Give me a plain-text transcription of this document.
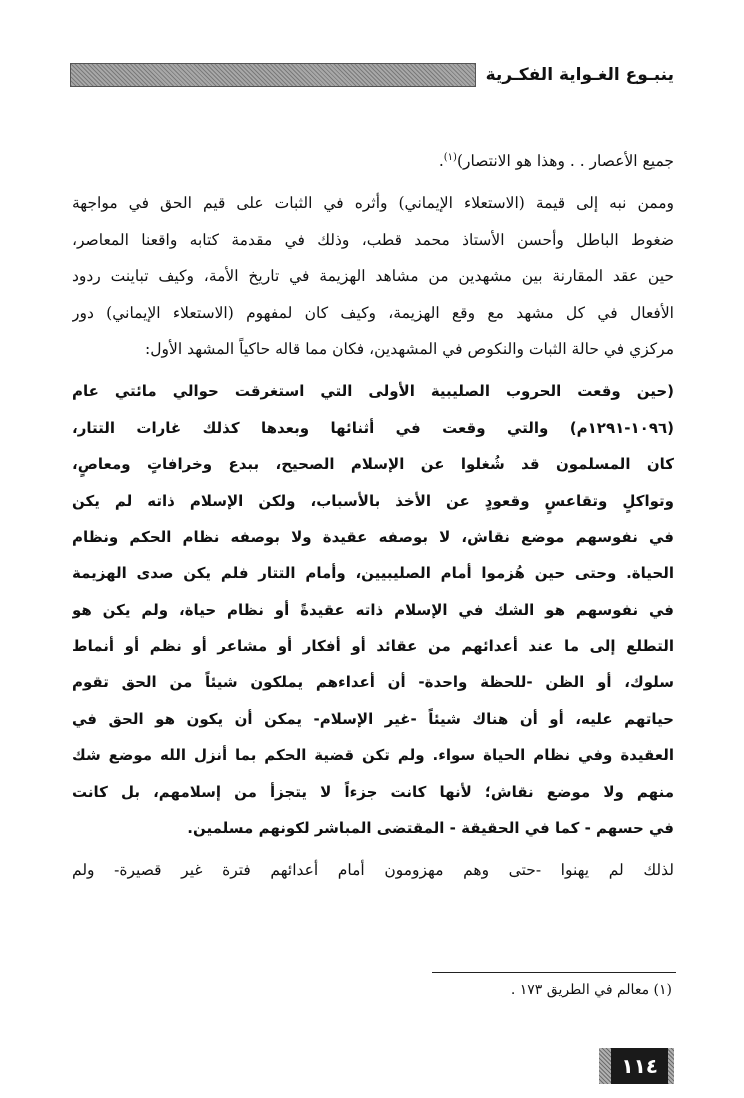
ينبـوع الغـواية الفكـرية
جميع الأعصار . . وهذا هو الانتصار)$^{(١)}$.
وممن نبه إلى قيمة (الاستعلاء الإيماني) وأثره في الثبات على قيم الحق في مواجهة
ضغوط الباطل وأحسن الأستاذ محمد قطب، وذلك في مقدمة كتابه واقعنا المعاصر،
حين عقد المقارنة بين مشهدين من مشاهد الهزيمة في تاريخ الأمة، وكيف تباينت ردود
الأفعال في كل مشهد مع وقع الهزيمة، وكيف كان لمفهوم (الاستعلاء الإيماني) دور
مركزي في حالة الثبات والنكوص في المشهدين، فكان مما قاله حاكياً المشهد الأول:
(حين وقعت الحروب الصليبية الأولى التي استغرقت حوالي مائتي عام
(١٠٩٦-١٢٩١م) والتي وقعت في أثنائها وبعدها كذلك غارات التتار،
كان المسلمون قد شُغلوا عن الإسلام الصحيح، ببدع وخرافاتٍ ومعاصٍ،
وتواكلٍ وتقاعسٍ وقعودٍ عن الأخذ بالأسباب، ولكن الإسلام ذاته لم يكن
في نفوسهم موضع نقاش، لا بوصفه عقيدة ولا بوصفه نظام الحكم ونظام
الحياة. وحتى حين هُزموا أمام الصليبيين، وأمام التتار فلم يكن صدى الهزيمة
في نفوسهم هو الشك في الإسلام ذاته عقيدةً أو نظام حياة، ولم يكن هو
التطلع إلى ما عند أعدائهم من عقائد أو أفكار أو مشاعر أو نظم أو أنماط
سلوك، أو الظن -للحظة واحدة- أن أعداءهم يملكون شيئاً من الحق تقوم
حياتهم عليه، أو أن هناك شيئاً -غير الإسلام- يمكن أن يكون هو الحق في
العقيدة وفي نظام الحياة سواء. ولم تكن قضية الحكم بما أنزل الله موضع شك
منهم ولا موضع نقاش؛ لأنها كانت جزءاً لا يتجزأ من إسلامهم، بل كانت
في حسهم - كما في الحقيقة - المقتضى المباشر لكونهم مسلمين.
لذلك لم يهنوا -حتى وهم مهزومون أمام أعدائهم فترة غير قصيرة- ولم
(١) معالم في الطريق ١٧٣ .
١١٤
